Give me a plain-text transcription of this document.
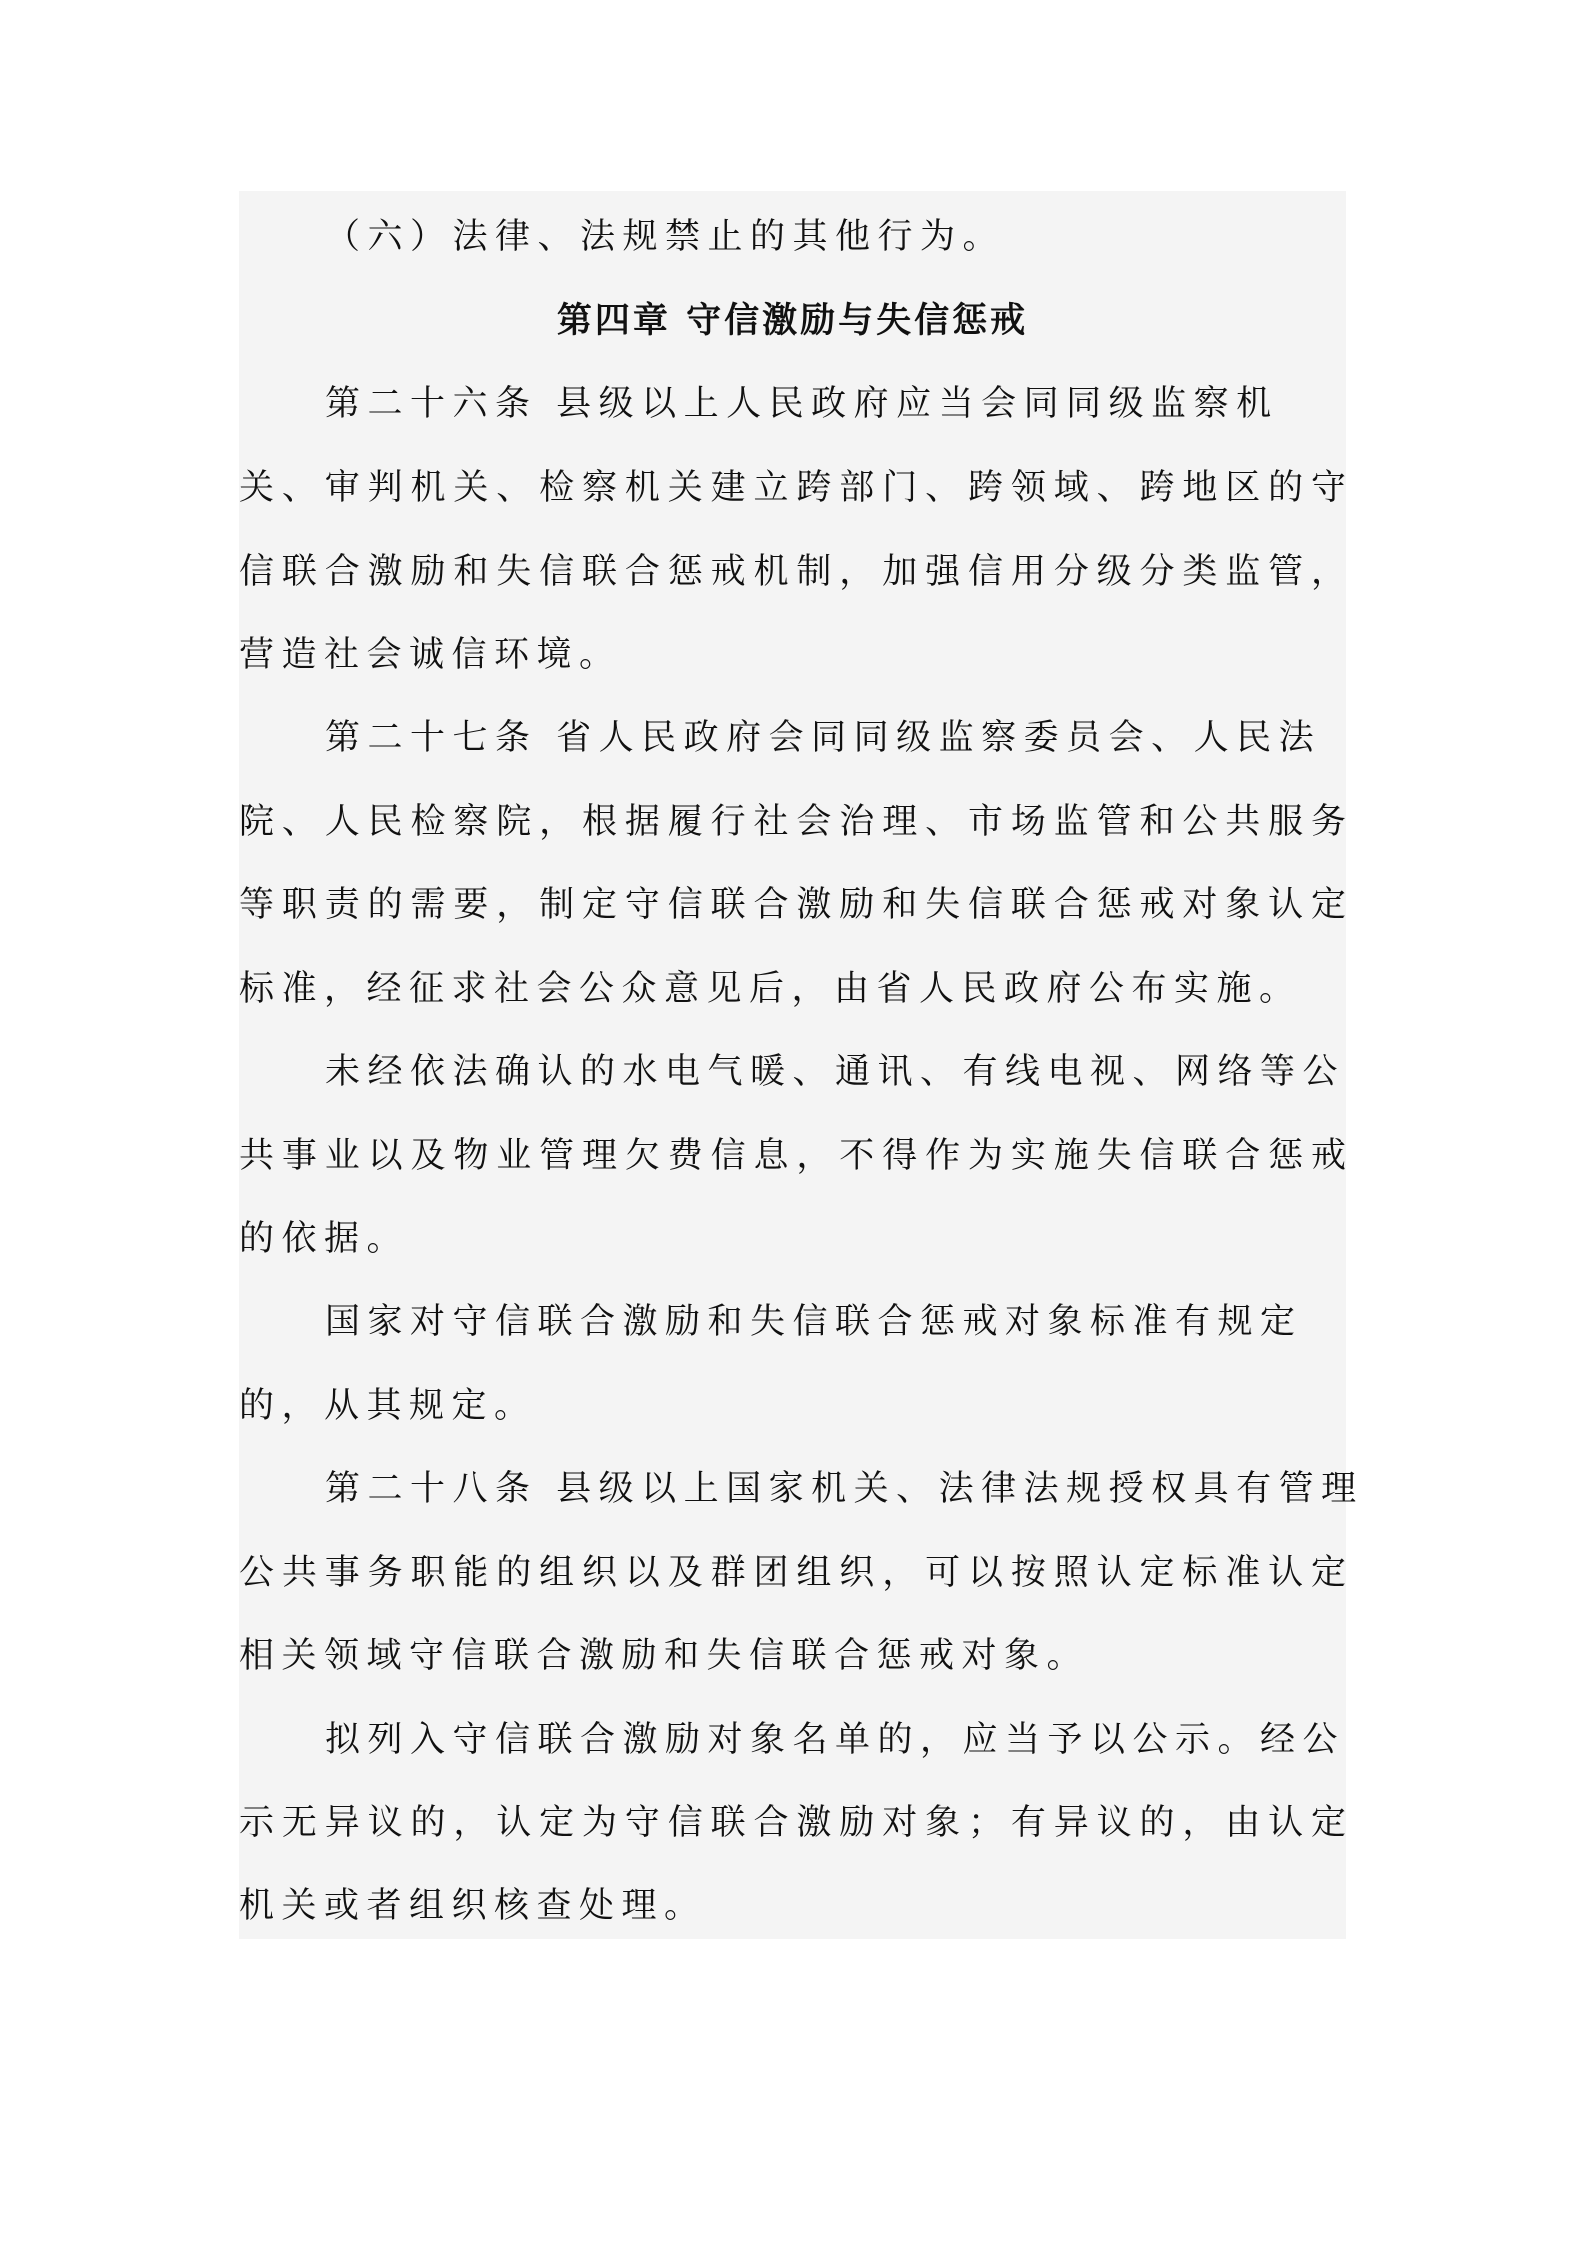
（六）法律、法规禁止的其他行为。
第四章 守信激励与失信惩戒
第二十六条 县级以上人民政府应当会同同级监察机
关、审判机关、检察机关建立跨部门、跨领域、跨地区的守
信联合激励和失信联合惩戒机制，加强信用分级分类监管，
营造社会诚信环境。
第二十七条 省人民政府会同同级监察委员会、人民法
院、人民检察院，根据履行社会治理、市场监管和公共服务
等职责的需要，制定守信联合激励和失信联合惩戒对象认定
标准，经征求社会公众意见后，由省人民政府公布实施。
未经依法确认的水电气暖、通讯、有线电视、网络等公
共事业以及物业管理欠费信息，不得作为实施失信联合惩戒
的依据。
国家对守信联合激励和失信联合惩戒对象标准有规定
的，从其规定。
第二十八条 县级以上国家机关、法律法规授权具有管理
公共事务职能的组织以及群团组织，可以按照认定标准认定
相关领域守信联合激励和失信联合惩戒对象。
拟列入守信联合激励对象名单的，应当予以公示。经公
示无异议的，认定为守信联合激励对象；有异议的，由认定
机关或者组织核查处理。
